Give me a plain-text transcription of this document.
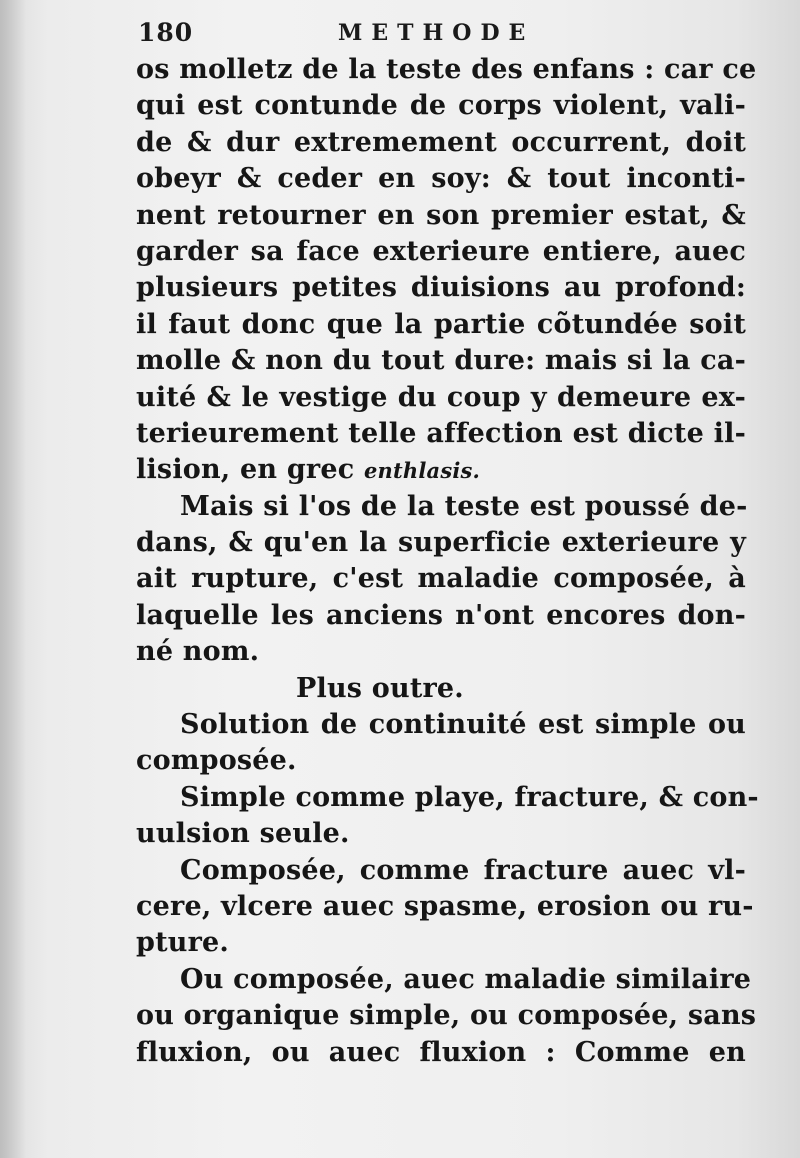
180	METHODE
os molletz de la teste des enfans : car ce
qui est contunde de corps violent, vali-
de & dur extremement occurrent, doit
obeyr & ceder en soy: & tout inconti-
nent retourner en son premier estat, &
garder sa face exterieure entiere, auec
plusieurs petites diuisions au profond:
il faut donc que la partie cõtundée soit
molle & non du tout dure: mais si la ca-
uité & le vestige du coup y demeure ex-
terieurement telle affection est dicte il-
lision, en grec enthlasis.
Mais si l'os de la teste est poussé de-
dans, & qu'en la superficie exterieure y
ait rupture, c'est maladie composée, à
laquelle les anciens n'ont encores don-
né nom.
Plus outre.
Solution de continuité est simple ou
composée.
Simple comme playe, fracture, & con-
uulsion seule.
Composée, comme fracture auec vl-
cere, vlcere auec spasme, erosion ou ru-
pture.
Ou composée, auec maladie similaire
ou organique simple, ou composée, sans
fluxion, ou auec fluxion : Comme en
